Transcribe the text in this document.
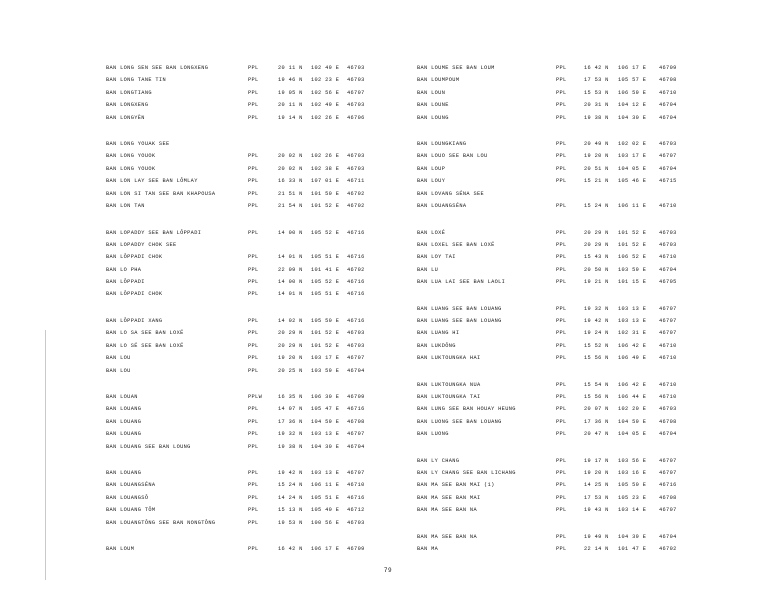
BAN LONG SEN SEE BAN LONGXENG	PPL	20 11 N 102 49 E 46703
BAN LONG TANE TIN	PPL	19 46 N 102 23 E 46703
BAN LONGTIANG	PPL	19 05 N 102 56 E 46707
BAN LONGXENG	PPL	20 11 N 102 49 E 46703
BAN LONGYÈN	PPL	19 14 N 102 26 E 46706
BAN LONG YOUAK SEE
BAN LONG YOUOK	PPL	20 02 N 102 26 E 46703
BAN LONG YOUOK	PPL	20 02 N 102 38 E 46703
BAN LON LAY SEE BAN LÔMLAY	PPL	16 33 N 107 01 E 46711
BAN LON SI TAN SEE BAN KHAPOUSA	PPL	21 51 N 101 50 E 46702
BAN LON TAN	PPL	21 54 N 101 52 E 46702
BAN LOPADDY SEE BAN LÔPPADI	PPL	14 00 N 105 52 E 46716
BAN LOPADDY CHOK SEE
BAN LÔPPADI CHOK	PPL	14 01 N 105 51 E 46716
BAN LO PHA	PPL	22 09 N 101 41 E 46702
BAN LÔPPADI	PPL	14 00 N 105 52 E 46716
BAN LÔPPADI CHOK	PPL	14 01 N 105 51 E 46716
BAN LÔPPADI XANG	PPL	14 02 N 105 50 E 46716
BAN LO SA SEE BAN LOXÉ	PPL	20 29 N 101 52 E 46703
BAN LO SÉ SEE BAN LOXÉ	PPL	20 29 N 101 52 E 46703
BAN LOU	PPL	19 20 N 103 17 E 46707
BAN LOU	PPL	20 25 N 103 59 E 46704
BAN LOUAN	PPLW	16 35 N 106 30 E 46709
BAN LOUANG	PPL	14 07 N 105 47 E 46716
BAN LOUANG	PPL	17 36 N 104 59 E 46708
BAN LOUANG	PPL	19 32 N 103 13 E 46707
BAN LOUANG SEE BAN LOUNG	PPL	19 38 N 104 30 E 46704
BAN LOUANG	PPL	19 42 N 103 13 E 46707
BAN LOUANGSÉNA	PPL	15 24 N 106 11 E 46710
BAN LOUANGSÔ	PPL	14 24 N 105 51 E 46716
BAN LOUANG TÔM	PPL	15 13 N 105 40 E 46712
BAN LOUANGTÔNG SEE BAN NONGTÔNG	PPL	19 53 N 100 56 E 46703
BAN LOUM	PPL	16 42 N 106 17 E 46709
BAN LOUME SEE BAN LOUM	PPL	16 42 N 106 17 E 46709
BAN LOUMPOUM	PPL	17 53 N 105 57 E 46708
BAN LOUN	PPL	15 53 N 106 59 E 46710
BAN LOUNE	PPL	20 31 N 104 12 E 46704
BAN LOUNG	PPL	19 38 N 104 30 E 46704
BAN LOUNGKIANG	PPL	20 49 N 102 02 E 46703
BAN LOUO SEE BAN LOU	PPL	19 20 N 103 17 E 46707
BAN LOUP	PPL	20 51 N 104 05 E 46704
BAN LOUY	PPL	15 21 N 105 46 E 46715
BAN LOVANG SÉNA SEE
BAN LOUANGSÉNA	PPL	15 24 N 106 11 E 46710
BAN LOXÉ	PPL	20 29 N 101 52 E 46703
BAN LOXEL SEE BAN LOXÉ	PPL	20 29 N 101 52 E 46703
BAN LOY TAI	PPL	15 43 N 106 52 E 46710
BAN LU	PPL	20 50 N 103 59 E 46704
BAN LUA LAI SEE BAN LAOLI	PPL	19 21 N 101 15 E 46705
BAN LUANG SEE BAN LOUANG	PPL	19 32 N 103 13 E 46707
BAN LUANG SEE BAN LOUANG	PPL	19 42 N 103 13 E 46707
BAN LUANG HI	PPL	19 24 N 102 31 E 46707
BAN LUKDÔNG	PPL	15 52 N 106 42 E 46710
BAN LUKTOUNGKA HAI	PPL	15 56 N 106 49 E 46710
BAN LUKTOUNGKA NUA	PPL	15 54 N 106 42 E 46710
BAN LUKTOUNGKA TAI	PPL	15 56 N 106 44 E 46710
BAN LUNG SEE BAN HOUAY HEUNG	PPL	20 07 N 102 20 E 46703
BAN LUONG SEE BAN LOUANG	PPL	17 36 N 104 59 E 46708
BAN LUONG	PPL	20 47 N 104 05 E 46704
BAN LY CHANG	PPL	19 17 N 103 56 E 46707
BAN LY CHANG SEE BAN LICHANG	PPL	19 20 N 103 16 E 46707
BAN MA SEE BAN MAI (1)	PPL	14 25 N 105 50 E 46716
BAN MA SEE BAN MAI	PPL	17 53 N 105 23 E 46708
BAN MA SEE BAN NA	PPL	19 43 N 103 14 E 46707
BAN MA SEE BAN NA	PPL	19 49 N 104 39 E 46704
BAN MA	PPL	22 14 N 101 47 E 46702
79
